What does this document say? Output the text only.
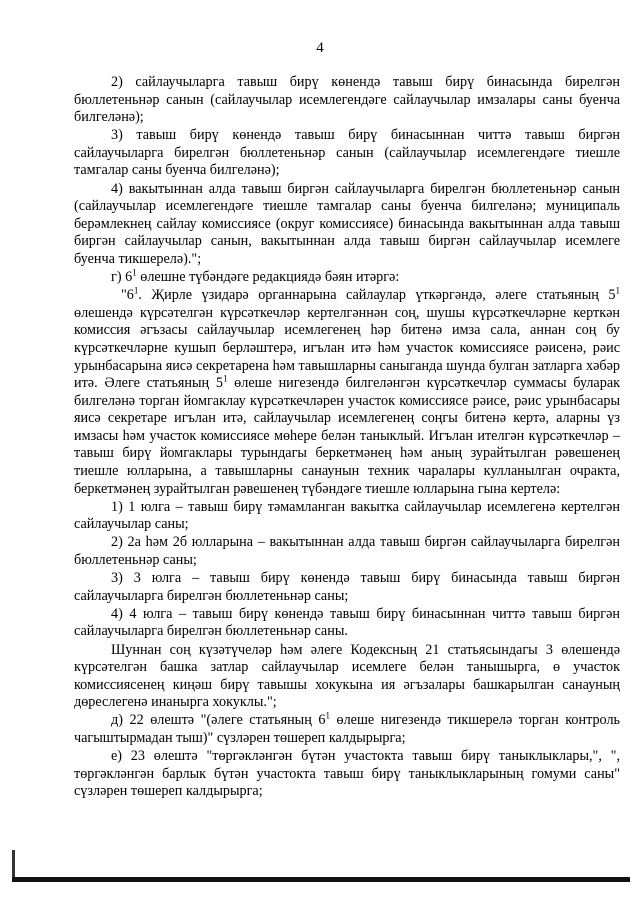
4

2) сайлаучыларга тавыш бирү көнендә тавыш бирү бинасында бирелгән бюллетеньнәр санын (сайлаучылар исемлегендәге сайлаучылар имзалары саны буенча билгеләнә);

3) тавыш бирү көнендә тавыш бирү бинасыннан читтә тавыш биргән сайлаучыларга бирелгән бюллетеньнәр санын (сайлаучылар исемлегендәге тиешле тамгалар саны буенча билгеләнә);

4) вакытыннан алда тавыш биргән сайлаучыларга бирелгән бюллетеньнәр санын (сайлаучылар исемлегендәге тиешле тамгалар саны буенча билгеләнә; муниципаль берәмлекнең сайлау комиссиясе (округ комиссиясе) бинасында вакытыннан алда тавыш биргән сайлаучылар санын, вакытыннан алда тавыш биргән сайлаучылар исемлеге буенча тикшерелә).";

г) $6^1$ өлешне түбәндәге редакциядә бәян итәргә:

"$6^1$. Җирле үзидарә органнарына сайлаулар үткәргәндә, әлеге статьяның $5^1$ өлешендә күрсәтелгән күрсәткечләр кертелгәннән соң, шушы күрсәткечләрне керткән комиссия әгъзасы сайлаучылар исемлегенең һәр битенә имза сала, аннан соң бу күрсәткечләрне кушып берләштерә, игълан итә һәм участок комиссиясе рәисенә, рәис урынбасарына яисә секретарена һәм тавышларны саныганда шунда булган затларга хәбәр итә. Әлеге статьяның $5^1$ өлеше нигезендә билгеләнгән күрсәткечләр суммасы буларак билгеләнә торган йомгаклау күрсәткечләрен участок комиссиясе рәисе, рәис урынбасары яисә секретаре игълан итә, сайлаучылар исемлегенең соңгы битенә кертә, аларны үз имзасы һәм участок комиссиясе мөһере белән таныклый. Игълан ителгән күрсәткечләр – тавыш бирү йомгаклары турындагы беркетмәнең һәм аның зурайтылган рәвешенең тиешле юлларына, а тавышларны санаунын техник чаралары кулланылган очракта, беркетмәнең зурайтылган рәвешенең түбәндәге тиешле юлларына гына кертелә:

1) 1 юлга – тавыш бирү тәмамланган вакытка сайлаучылар исемлегенә кертелгән сайлаучылар саны;

2) 2а һәм 2б юлларына – вакытыннан алда тавыш биргән сайлаучыларга бирелгән бюллетеньнәр саны;

3) 3 юлга – тавыш бирү көнендә тавыш бирү бинасында тавыш биргән сайлаучыларга бирелгән бюллетеньнәр саны;

4) 4 юлга – тавыш бирү көнендә тавыш бирү бинасыннан читтә тавыш биргән сайлаучыларга бирелгән бюллетеньнәр саны.

Шуннан соң күзәтүчеләр һәм әлеге Кодексның 21 статьясындагы 3 өлешендә күрсәтелгән башка затлар сайлаучылар исемлеге белән танышырга, ө участок комиссиясенең киңәш бирү тавышы хокукына ия әгъзалары башкарылган санауның дөреслегенә инанырга хокуклы.";

д) 22 өлештә "(әлеге статьяның $6^1$ өлеше нигезендә тикшерелә торган контроль чагыштырмадан тыш)" сүзләрен төшереп калдырырга;

е) 23 өлештә "төргәкләнгән бүтән участокта тавыш бирү таныклыклары,", ", төргәкләнгән барлык бүтән участокта тавыш бирү таныклыкларының гомуми саны" сүзләрен төшереп калдырырга;
